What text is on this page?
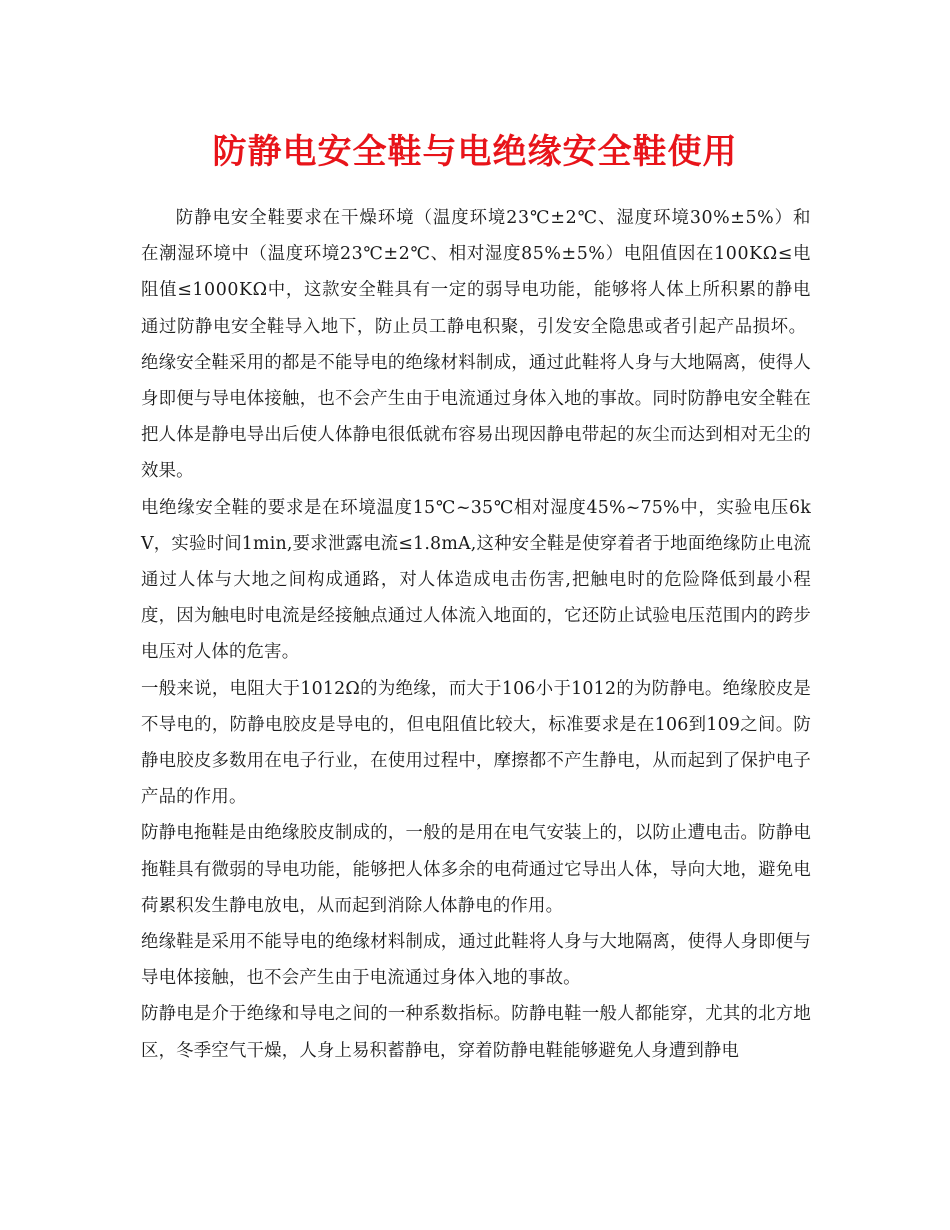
防静电安全鞋与电绝缘安全鞋使用

防静电安全鞋要求在干燥环境（温度环境23℃±2℃、湿度环境30%±5%）和在潮湿环境中（温度环境23℃±2℃、相对湿度85%±5%）电阻值因在100KΩ≤电阻值≤1000KΩ中，这款安全鞋具有一定的弱导电功能，能够将人体上所积累的静电通过防静电安全鞋导入地下，防止员工静电积聚，引发安全隐患或者引起产品损坏。

绝缘安全鞋采用的都是不能导电的绝缘材料制成，通过此鞋将人身与大地隔离，使得人身即便与导电体接触，也不会产生由于电流通过身体入地的事故。同时防静电安全鞋在把人体是静电导出后使人体静电很低就布容易出现因静电带起的灰尘而达到相对无尘的效果。

电绝缘安全鞋的要求是在环境温度15℃~35℃相对湿度45%~75%中，实验电压6kV，实验时间1min,要求泄露电流≤1.8mA,这种安全鞋是使穿着者于地面绝缘防止电流通过人体与大地之间构成通路，对人体造成电击伤害,把触电时的危险降低到最小程度，因为触电时电流是经接触点通过人体流入地面的，它还防止试验电压范围内的跨步电压对人体的危害。

一般来说，电阻大于1012Ω的为绝缘，而大于106小于1012的为防静电。绝缘胶皮是不导电的，防静电胶皮是导电的，但电阻值比较大，标准要求是在106到109之间。防静电胶皮多数用在电子行业，在使用过程中，摩擦都不产生静电，从而起到了保护电子产品的作用。

防静电拖鞋是由绝缘胶皮制成的，一般的是用在电气安装上的，以防止遭电击。防静电拖鞋具有微弱的导电功能，能够把人体多余的电荷通过它导出人体，导向大地，避免电荷累积发生静电放电，从而起到消除人体静电的作用。

绝缘鞋是采用不能导电的绝缘材料制成，通过此鞋将人身与大地隔离，使得人身即便与导电体接触，也不会产生由于电流通过身体入地的事故。

防静电是介于绝缘和导电之间的一种系数指标。防静电鞋一般人都能穿，尤其的北方地区，冬季空气干燥，人身上易积蓄静电，穿着防静电鞋能够避免人身遭到静电
